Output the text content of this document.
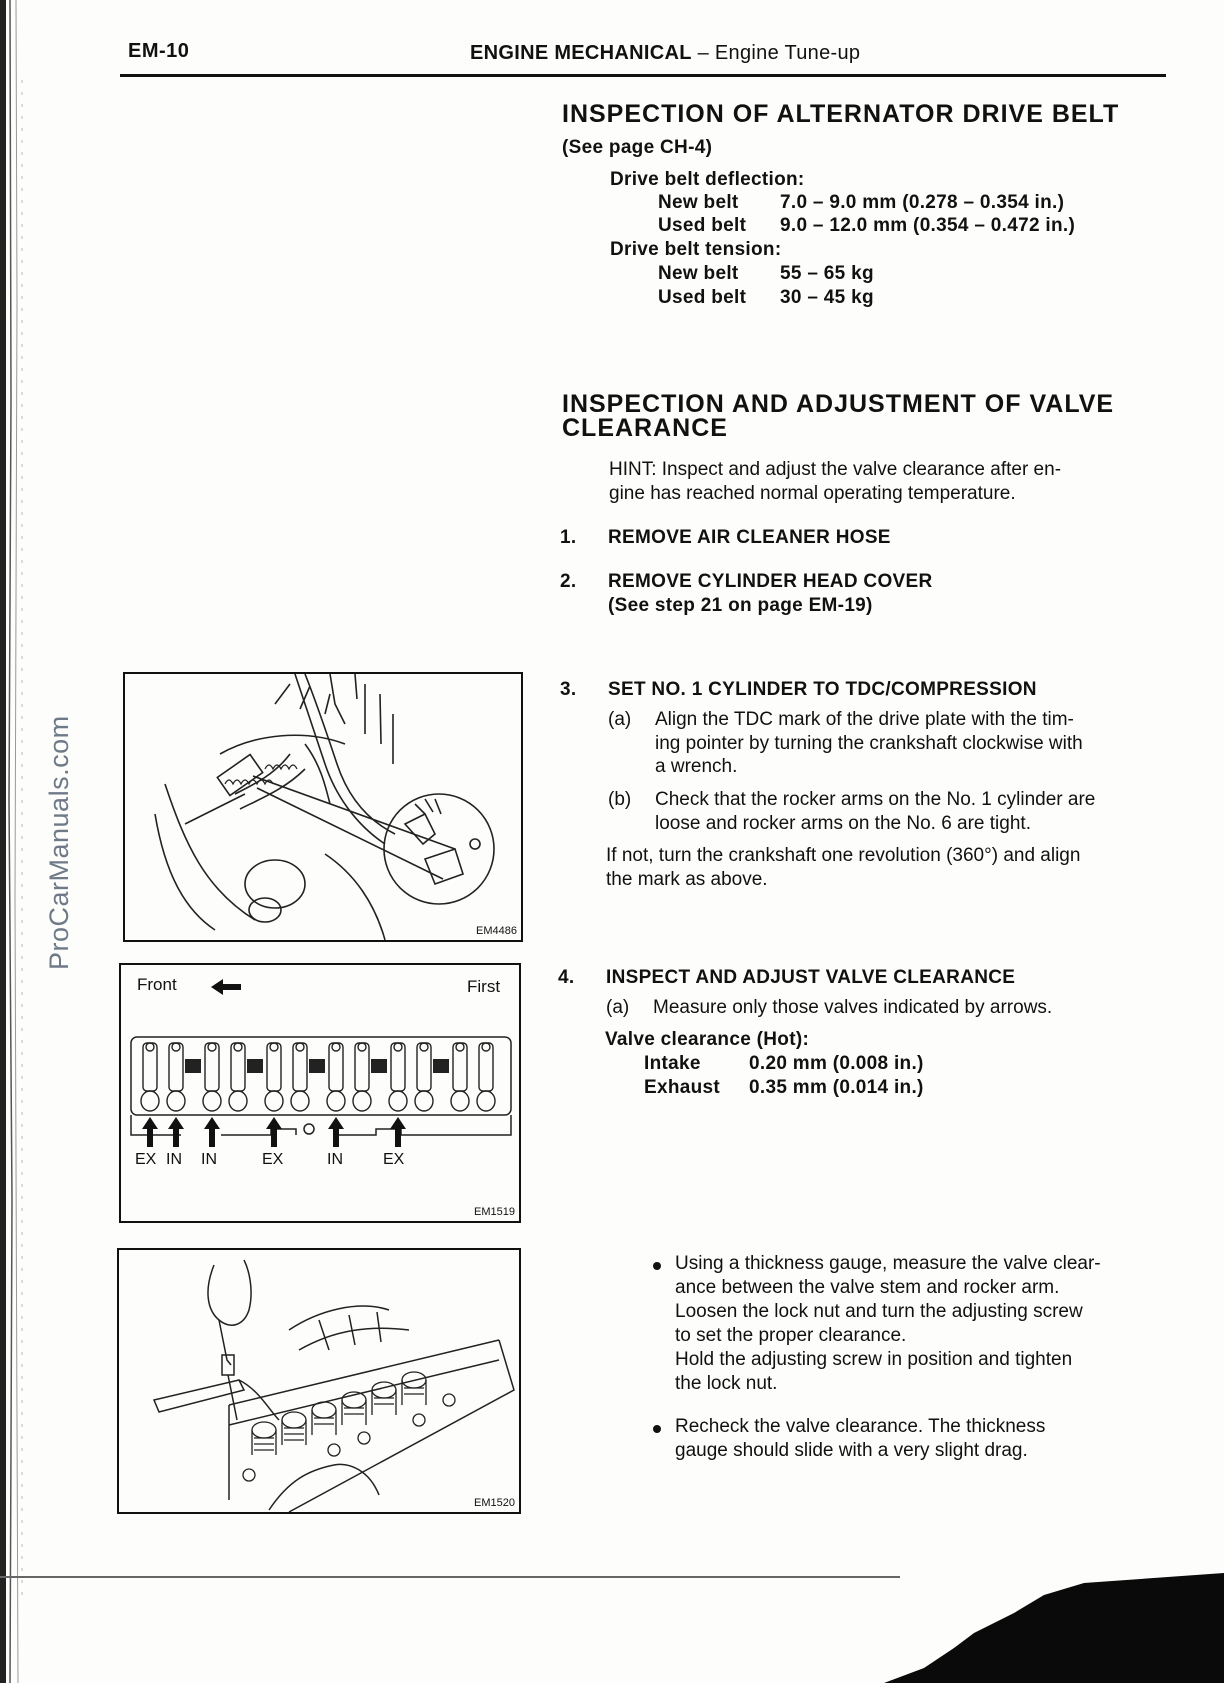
ProCarManuals.com
EM-10	ENGINE MECHANICAL – Engine Tune-up
INSPECTION OF ALTERNATOR DRIVE BELT
(See page CH-4)
Drive belt deflection:
New belt 7.0 – 9.0 mm (0.278 – 0.354 in.)
Used belt 9.0 – 12.0 mm (0.354 – 0.472 in.)
Drive belt tension:
New belt 55 – 65 kg
Used belt 30 – 45 kg
INSPECTION AND ADJUSTMENT OF VALVE
CLEARANCE
HINT: Inspect and adjust the valve clearance after en-
gine has reached normal operating temperature.
1. REMOVE AIR CLEANER HOSE
2. REMOVE CYLINDER HEAD COVER
(See step 21 on page EM-19)
3. SET NO. 1 CYLINDER TO TDC/COMPRESSION
(a) Align the TDC mark of the drive plate with the tim-
ing pointer by turning the crankshaft clockwise with
a wrench.
(b) Check that the rocker arms on the No. 1 cylinder are
loose and rocker arms on the No. 6 are tight.
If not, turn the crankshaft one revolution (360°) and align
the mark as above.
4. INSPECT AND ADJUST VALVE CLEARANCE
(a) Measure only those valves indicated by arrows.
Valve clearance (Hot):
Intake	0.20 mm (0.008 in.)
Exhaust 0.35 mm (0.014 in.)
Using a thickness gauge, measure the valve clear-
ance between the valve stem and rocker arm.
Loosen the lock nut and turn the adjusting screw
to set the proper clearance.
Hold the adjusting screw in position and tighten
the lock nut.
Recheck the valve clearance. The thickness
gauge should slide with a very slight drag.
EM4486
Front	First
EX IN IN	EX	IN	EX
EM1519
EM1520
